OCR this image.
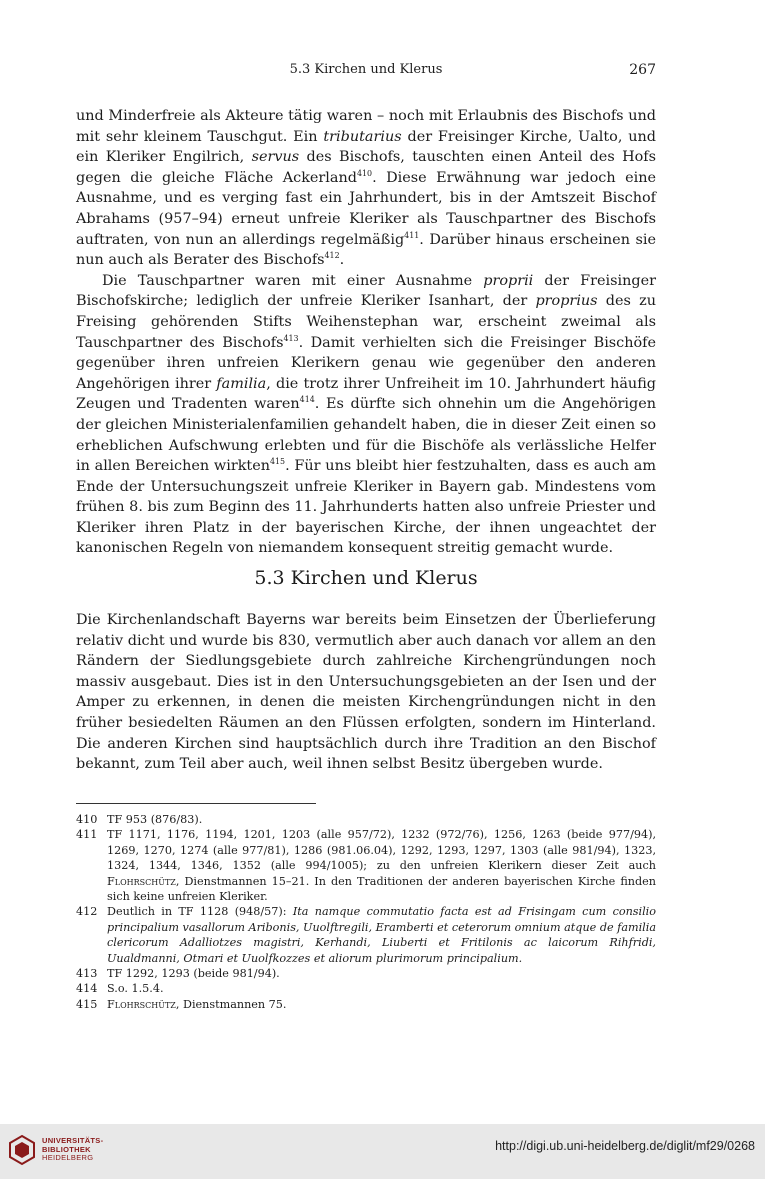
5.3 Kirchen und Klerus	267

und Minderfreie als Akteure tätig waren – noch mit Erlaubnis des Bischofs und mit sehr kleinem Tauschgut. Ein tributarius der Freisinger Kirche, Ualto, und ein Kleriker Engilrich, servus des Bischofs, tauschten einen Anteil des Hofs gegen die gleiche Fläche Ackerland$^{410}$. Diese Erwähnung war jedoch eine Ausnahme, und es verging fast ein Jahrhundert, bis in der Amtszeit Bischof Abrahams (957–94) erneut unfreie Kleriker als Tauschpartner des Bischofs auftraten, von nun an allerdings regelmäßig$^{411}$. Darüber hinaus erscheinen sie nun auch als Berater des Bischofs$^{412}$.

Die Tauschpartner waren mit einer Ausnahme proprii der Freisinger Bischofskirche; lediglich der unfreie Kleriker Isanhart, der proprius des zu Freising gehörenden Stifts Weihenstephan war, erscheint zweimal als Tauschpartner des Bischofs$^{413}$. Damit verhielten sich die Freisinger Bischöfe gegenüber ihren unfreien Klerikern genau wie gegenüber den anderen Angehörigen ihrer familia, die trotz ihrer Unfreiheit im 10. Jahrhundert häufig Zeugen und Tradenten waren$^{414}$. Es dürfte sich ohnehin um die Angehörigen der gleichen Ministerialenfamilien gehandelt haben, die in dieser Zeit einen so erheblichen Aufschwung erlebten und für die Bischöfe als verlässliche Helfer in allen Bereichen wirkten$^{415}$. Für uns bleibt hier festzuhalten, dass es auch am Ende der Untersuchungszeit unfreie Kleriker in Bayern gab. Mindestens vom frühen 8. bis zum Beginn des 11. Jahrhunderts hatten also unfreie Priester und Kleriker ihren Platz in der bayerischen Kirche, der ihnen ungeachtet der kanonischen Regeln von niemandem konsequent streitig gemacht wurde.

5.3 Kirchen und Klerus

Die Kirchenlandschaft Bayerns war bereits beim Einsetzen der Überlieferung relativ dicht und wurde bis 830, vermutlich aber auch danach vor allem an den Rändern der Siedlungsgebiete durch zahlreiche Kirchengründungen noch massiv ausgebaut. Dies ist in den Untersuchungsgebieten an der Isen und der Amper zu erkennen, in denen die meisten Kirchengründungen nicht in den früher besiedelten Räumen an den Flüssen erfolgten, sondern im Hinterland. Die anderen Kirchen sind hauptsächlich durch ihre Tradition an den Bischof bekannt, zum Teil aber auch, weil ihnen selbst Besitz übergeben wurde.

410 TF 953 (876/83).
411 TF 1171, 1176, 1194, 1201, 1203 (alle 957/72), 1232 (972/76), 1256, 1263 (beide 977/94), 1269, 1270, 1274 (alle 977/81), 1286 (981.06.04), 1292, 1293, 1297, 1303 (alle 981/94), 1323, 1324, 1344, 1346, 1352 (alle 994/1005); zu den unfreien Klerikern dieser Zeit auch Flohrschütz, Dienstmannen 15–21. In den Traditionen der anderen bayerischen Kirche finden sich keine unfreien Kleriker.
412 Deutlich in TF 1128 (948/57): Ita namque commutatio facta est ad Frisingam cum consilio principalium vasallorum Aribonis, Uuolftregili, Eramberti et ceterorum omnium atque de familia clericorum Adalliotzes magistri, Kerhandi, Liuberti et Fritilonis ac laicorum Rihfridi, Uualdmanni, Otmari et Uuolfkozzes et aliorum plurimorum principalium.
413 TF 1292, 1293 (beide 981/94).
414 S.o. 1.5.4.
415 Flohrschütz, Dienstmannen 75.
UNIVERSITÄTS-
BIBLIOTHEK
HEIDELBERG
http://digi.ub.uni-heidelberg.de/diglit/mf29/0268
